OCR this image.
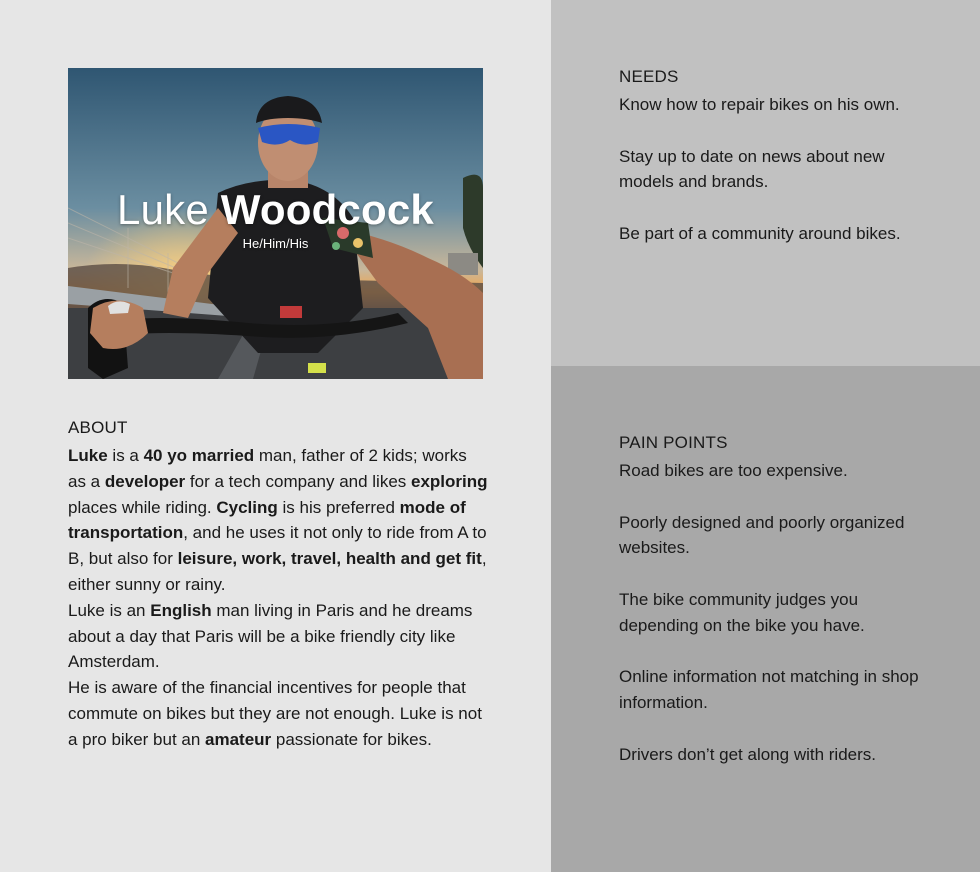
Luke Woodcock
He/Him/His
ABOUT

Luke is a 40 yo married man, father of 2 kids; works as a developer for a tech company and likes exploring places while riding. Cycling is his preferred mode of transportation, and he uses it not only to ride from A to B, but also for leisure, work, travel, health and get fit, either sunny or rainy.
Luke is an English man living in Paris and he dreams about a day that Paris will be a bike friendly city like Amsterdam.
He is aware of the financial incentives for people that commute on bikes but they are not enough. Luke is not a pro biker but an amateur passionate for bikes.

NEEDS
Know how to repair bikes on his own.
Stay up to date on news about new models and brands.
Be part of a community around bikes.
PAIN POINTS
Road bikes are too expensive.
Poorly designed and poorly organized websites.
The bike community judges you depending on the bike you have.
Online information not matching in shop information.
Drivers don’t get along with riders.
